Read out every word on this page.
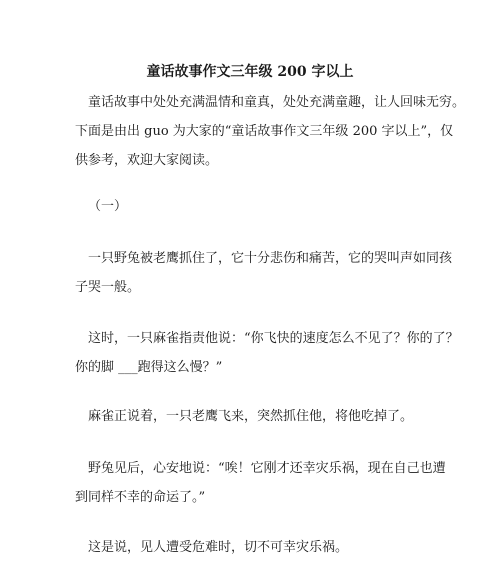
童话故事作文三年级 200 字以上

童话故事中处处充满温情和童真，处处充满童趣，让人回味无穷。
下面是由出 guo 为大家的“童话故事作文三年级 200 字以上”，仅
供参考，欢迎大家阅读。

（一）

一只野兔被老鹰抓住了，它十分悲伤和痛苦，它的哭叫声如同孩
子哭一般。

这时，一只麻雀指责他说：“你飞快的速度怎么不见了？你的了？
你的脚 ___跑得这么慢？”

麻雀正说着，一只老鹰飞来，突然抓住他，将他吃掉了。

野兔见后，心安地说：“唉！它刚才还幸灾乐祸，现在自己也遭
到同样不幸的命运了。”

这是说，见人遭受危难时，切不可幸灾乐祸。
